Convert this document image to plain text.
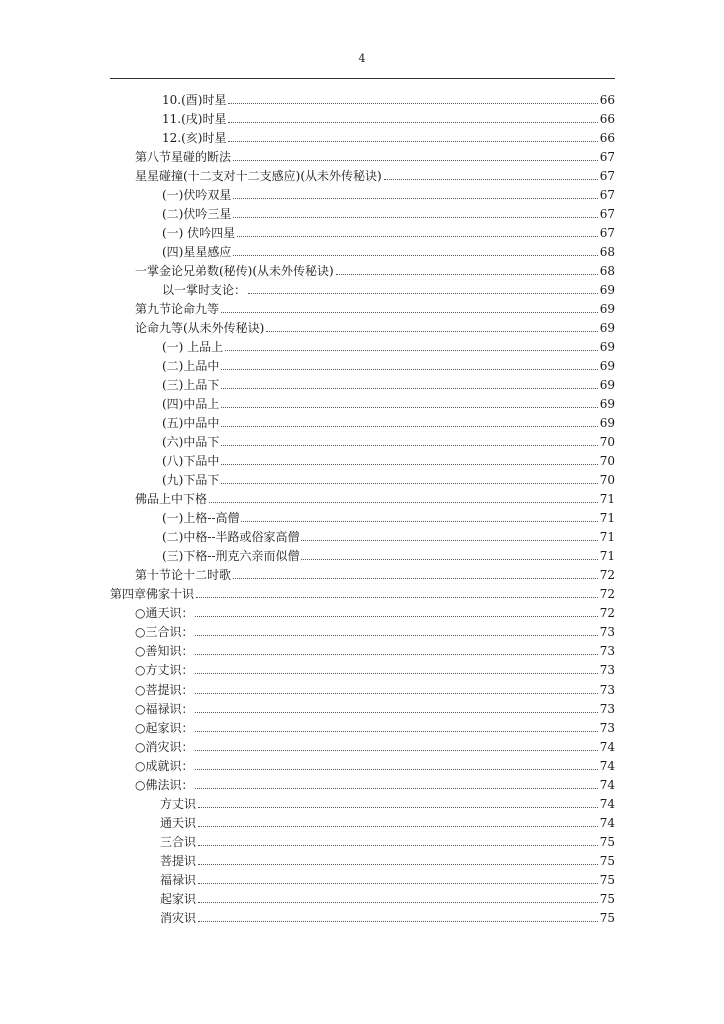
4
10.(酉)时星	66
11.(戌)时星	66
12.(亥)时星	66
第八节星碰的断法	67
星星碰撞(十二支对十二支感应)(从未外传秘诀)	67
(一)伏吟双星	67
(二)伏吟三星	67
(一) 伏吟四星	67
(四)星星感应	68
一掌金论兄弟数(秘传)(从未外传秘诀)	68
以一掌时支论：	69
第九节论命九等	69
论命九等(从未外传秘诀)	69
(一) 上品上	69
(二)上品中	69
(三)上品下	69
(四)中品上	69
(五)中品中	69
(六)中品下	70
(八)下品中	70
(九)下品下	70
佛品上中下格	71
(一)上格--高僧	71
(二)中格--半路或俗家高僧	71
(三)下格--刑克六亲而似僧	71
第十节论十二时歌	72
第四章佛家十识	72
○通天识：	72
○三合识：	73
○善知识：	73
○方丈识：	73
○菩提识：	73
○福禄识：	73
○起家识：	73
○消灾识：	74
○成就识：	74
○佛法识：	74
方丈识	74
通天识	74
三合识	75
菩提识	75
福禄识	75
起家识	75
消灾识	75
